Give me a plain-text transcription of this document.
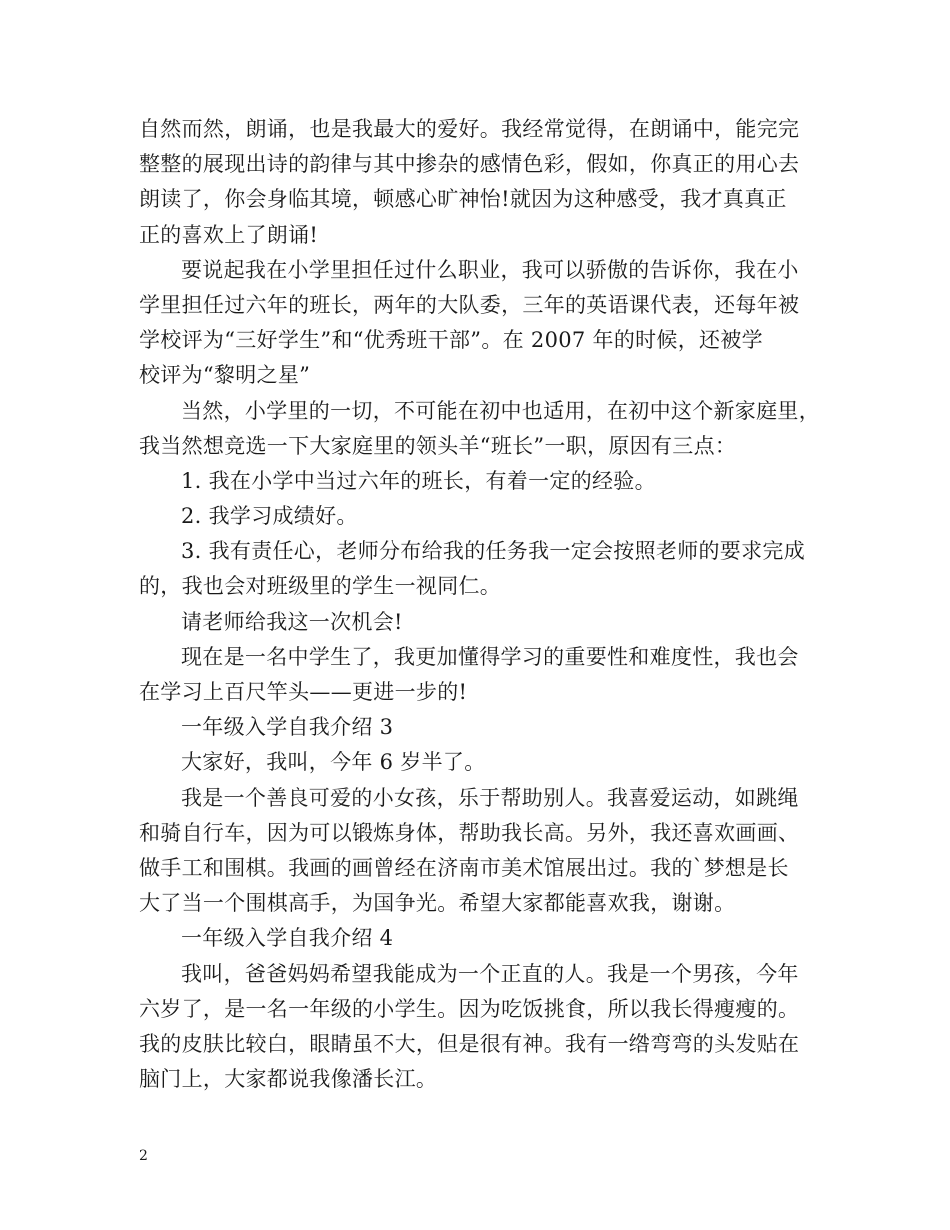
自然而然，朗诵，也是我最大的爱好。我经常觉得，在朗诵中，能完完
整整的展现出诗的韵律与其中掺杂的感情色彩，假如，你真正的用心去
朗读了，你会身临其境，顿感心旷神怡!就因为这种感受，我才真真正
正的喜欢上了朗诵!
要说起我在小学里担任过什么职业，我可以骄傲的告诉你，我在小
学里担任过六年的班长，两年的大队委，三年的英语课代表，还每年被
学校评为“三好学生”和“优秀班干部”。在 2007 年的时候，还被学
校评为“黎明之星”
当然，小学里的一切，不可能在初中也适用，在初中这个新家庭里，
我当然想竞选一下大家庭里的领头羊“班长”一职，原因有三点：
1. 我在小学中当过六年的班长，有着一定的经验。
2. 我学习成绩好。
3. 我有责任心，老师分布给我的任务我一定会按照老师的要求完成
的，我也会对班级里的学生一视同仁。
请老师给我这一次机会!
现在是一名中学生了，我更加懂得学习的重要性和难度性，我也会
在学习上百尺竿头——更进一步的!
一年级入学自我介绍 3
大家好，我叫，今年 6 岁半了。
我是一个善良可爱的小女孩，乐于帮助别人。我喜爱运动，如跳绳
和骑自行车，因为可以锻炼身体，帮助我长高。另外，我还喜欢画画、
做手工和围棋。我画的画曾经在济南市美术馆展出过。我的`梦想是长
大了当一个围棋高手，为国争光。希望大家都能喜欢我，谢谢。
一年级入学自我介绍 4
我叫，爸爸妈妈希望我能成为一个正直的人。我是一个男孩，今年
六岁了，是一名一年级的小学生。因为吃饭挑食，所以我长得瘦瘦的。
我的皮肤比较白，眼睛虽不大，但是很有神。我有一绺弯弯的头发贴在
脑门上，大家都说我像潘长江。
2
